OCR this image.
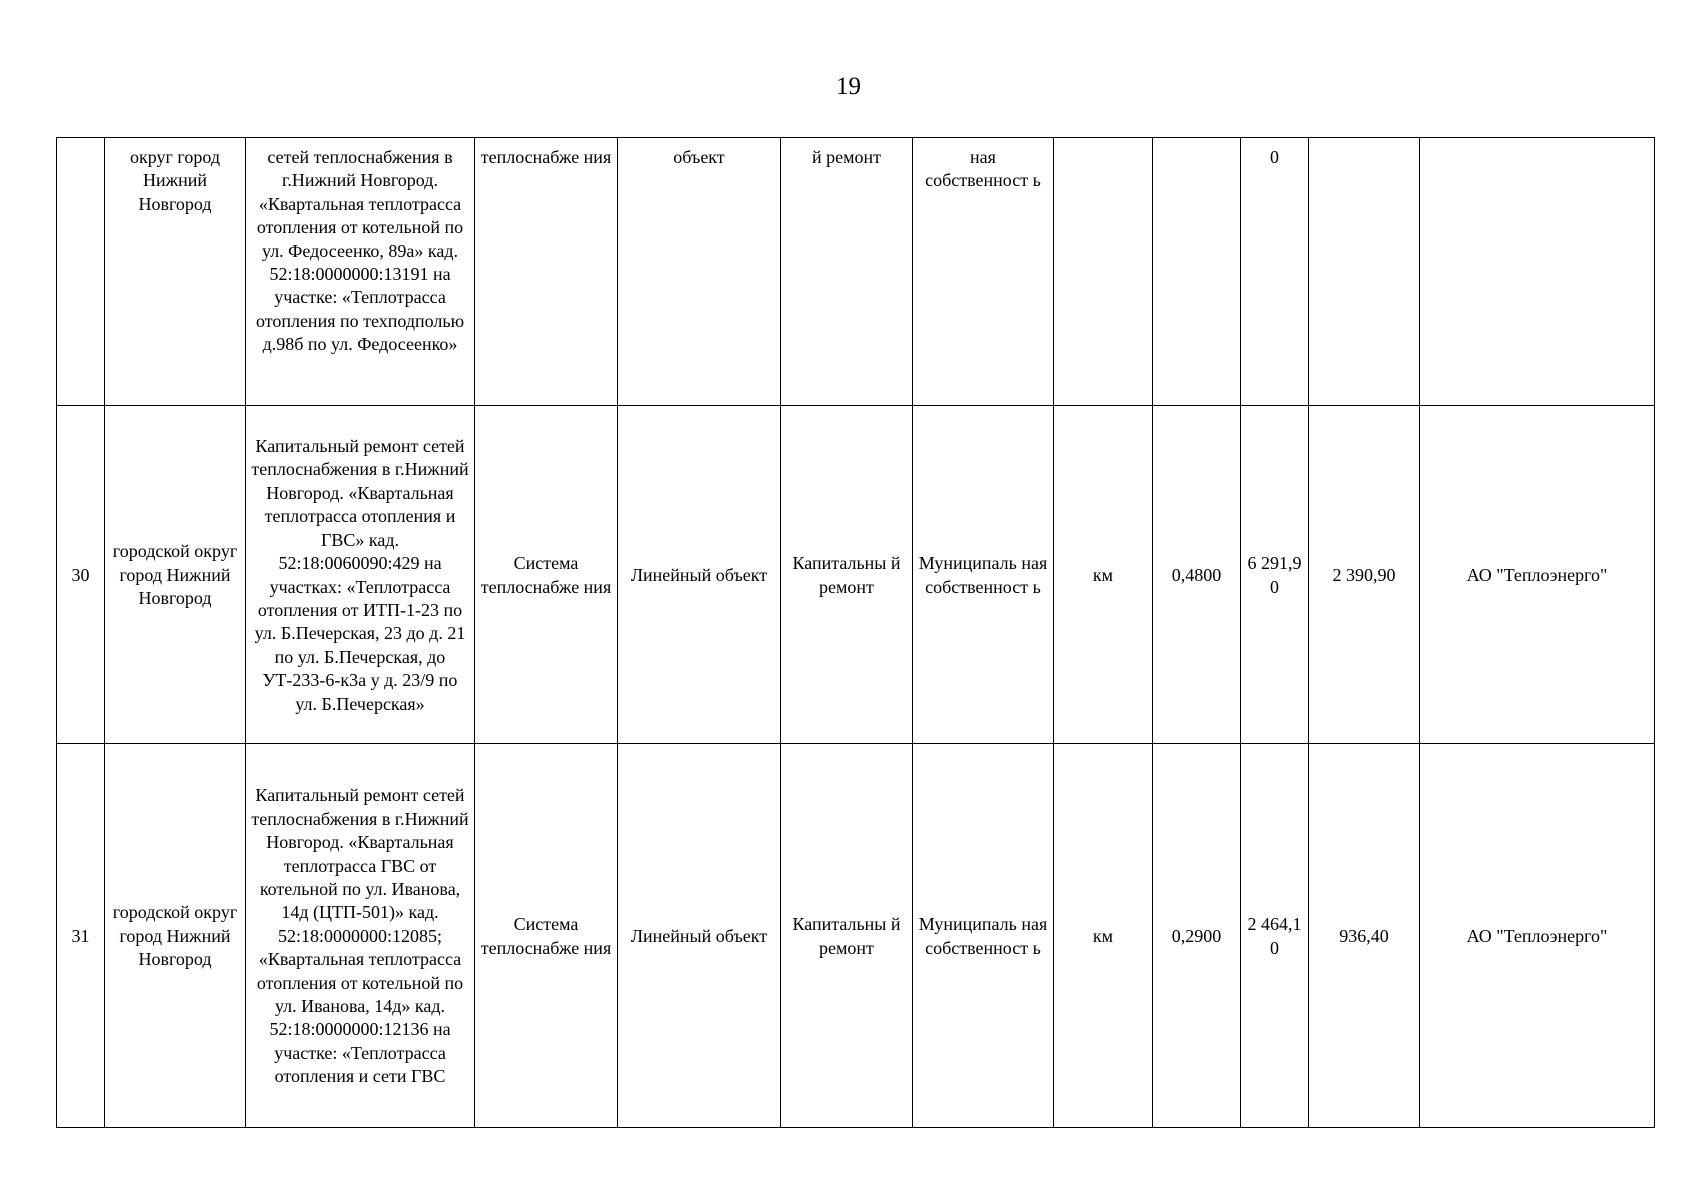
19
	округ город Нижний Новгород	сетей теплоснабжения в г.Нижний Новгород. «Квартальная теплотрасса отопления от котельной по ул. Федосеенко, 89а» кад. 52:18:0000000:13191 на участке: «Теплотрасса отопления по техподполью д.98б по ул. Федосеенко»	теплоснабже ния	объект	й ремонт	ная собственност ь			0		
30	городской округ город Нижний Новгород	Капитальный ремонт сетей теплоснабжения в г.Нижний Новгород. «Квартальная теплотрасса отопления и ГВС» кад. 52:18:0060090:429 на участках: «Теплотрасса отопления от ИТП-1-23 по ул. Б.Печерская, 23 до д. 21 по ул. Б.Печерская, до УТ-233-6-к3а у д. 23/9 по ул. Б.Печерская»	Система теплоснабже ния	Линейный объект	Капитальны й ремонт	Муниципаль ная собственност ь	км	0,4800	6 291,9 0	2 390,90	АО "Теплоэнерго"
31	городской округ город Нижний Новгород	Капитальный ремонт сетей теплоснабжения в г.Нижний Новгород. «Квартальная теплотрасса ГВС от котельной по ул. Иванова, 14д (ЦТП-501)» кад. 52:18:0000000:12085; «Квартальная теплотрасса отопления от котельной по ул. Иванова, 14д» кад. 52:18:0000000:12136 на участке: «Теплотрасса отопления и сети ГВС	Система теплоснабже ния	Линейный объект	Капитальны й ремонт	Муниципаль ная собственност ь	км	0,2900	2 464,1 0	936,40	АО "Теплоэнерго"
